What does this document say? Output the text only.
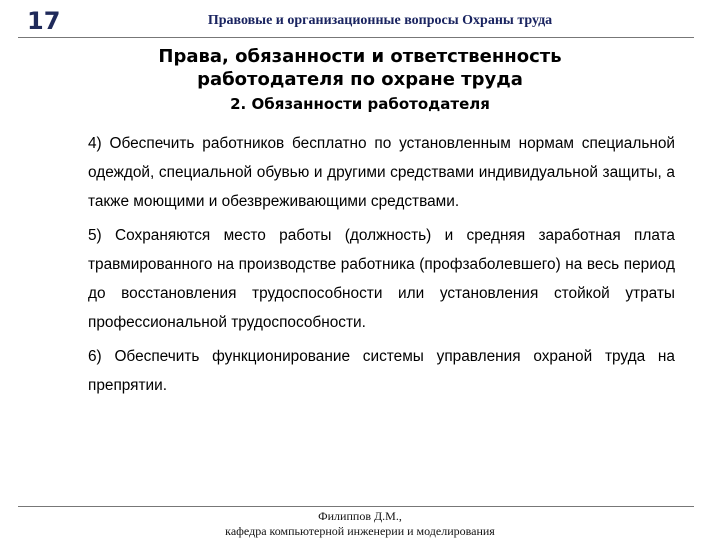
17	Правовые и организационные вопросы Охраны труда
Права, обязанности и ответственность
работодателя по охране труда
2. Обязанности работодателя

4) Обеспечить работников бесплатно по установленным нормам специальной одеждой, специальной обувью и другими средствами индивидуальной защиты, а также моющими и обезвреживающими средствами.

5) Сохраняются место работы (должность) и средняя заработная плата травмированного на производстве работника (профзаболевшего) на весь период до восстановления трудоспособности или установления стойкой утраты профессиональной трудоспособности.

6) Обеспечить функционирование системы управления охраной труда на препрятии.

Филиппов Д.М.,
кафедра компьютерной инженерии и моделирования
